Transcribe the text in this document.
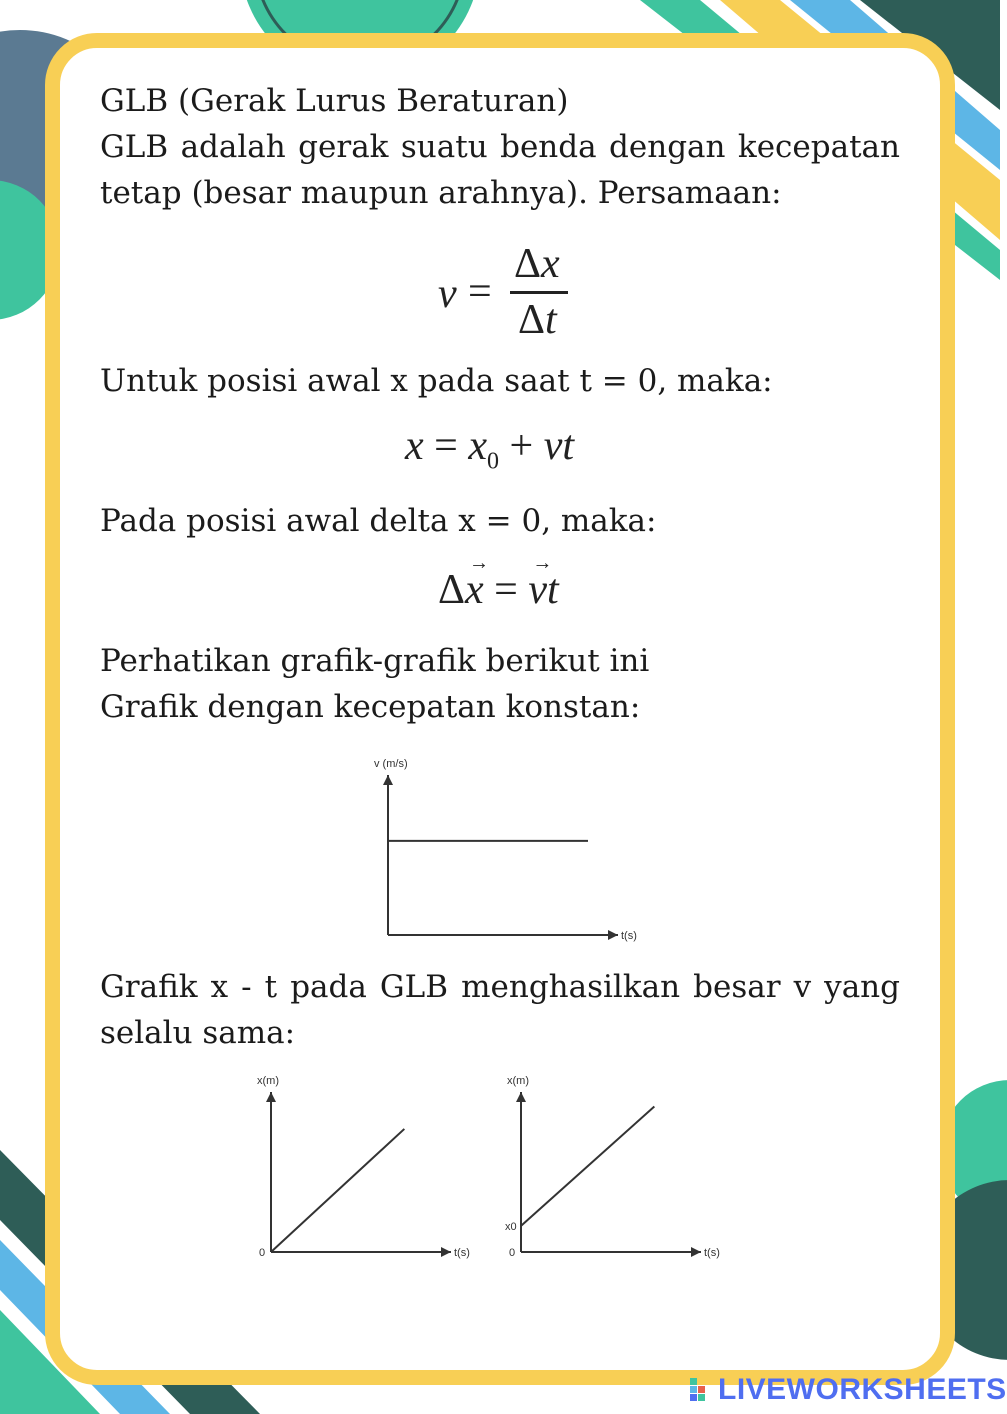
GLB (Gerak Lurus Beraturan)

GLB adalah gerak suatu benda dengan kecepatan tetap (besar maupun arahnya). Persamaan:

v =
Δx
Δt

Untuk posisi awal x pada saat t = 0, maka:

$x = x_0$ + vt

Pada posisi awal delta x = 0, maka:

Δ
→
x =
→
vt

Perhatikan grafik-grafik berikut ini

Grafik dengan kecepatan konstan:

v (m/s)
t(s)

Grafik x - t pada GLB menghasilkan besar v yang selalu sama:

x(m)
t(s)
0
x(m)
t(s)
0
x0
LIVEWORKSHEETS
